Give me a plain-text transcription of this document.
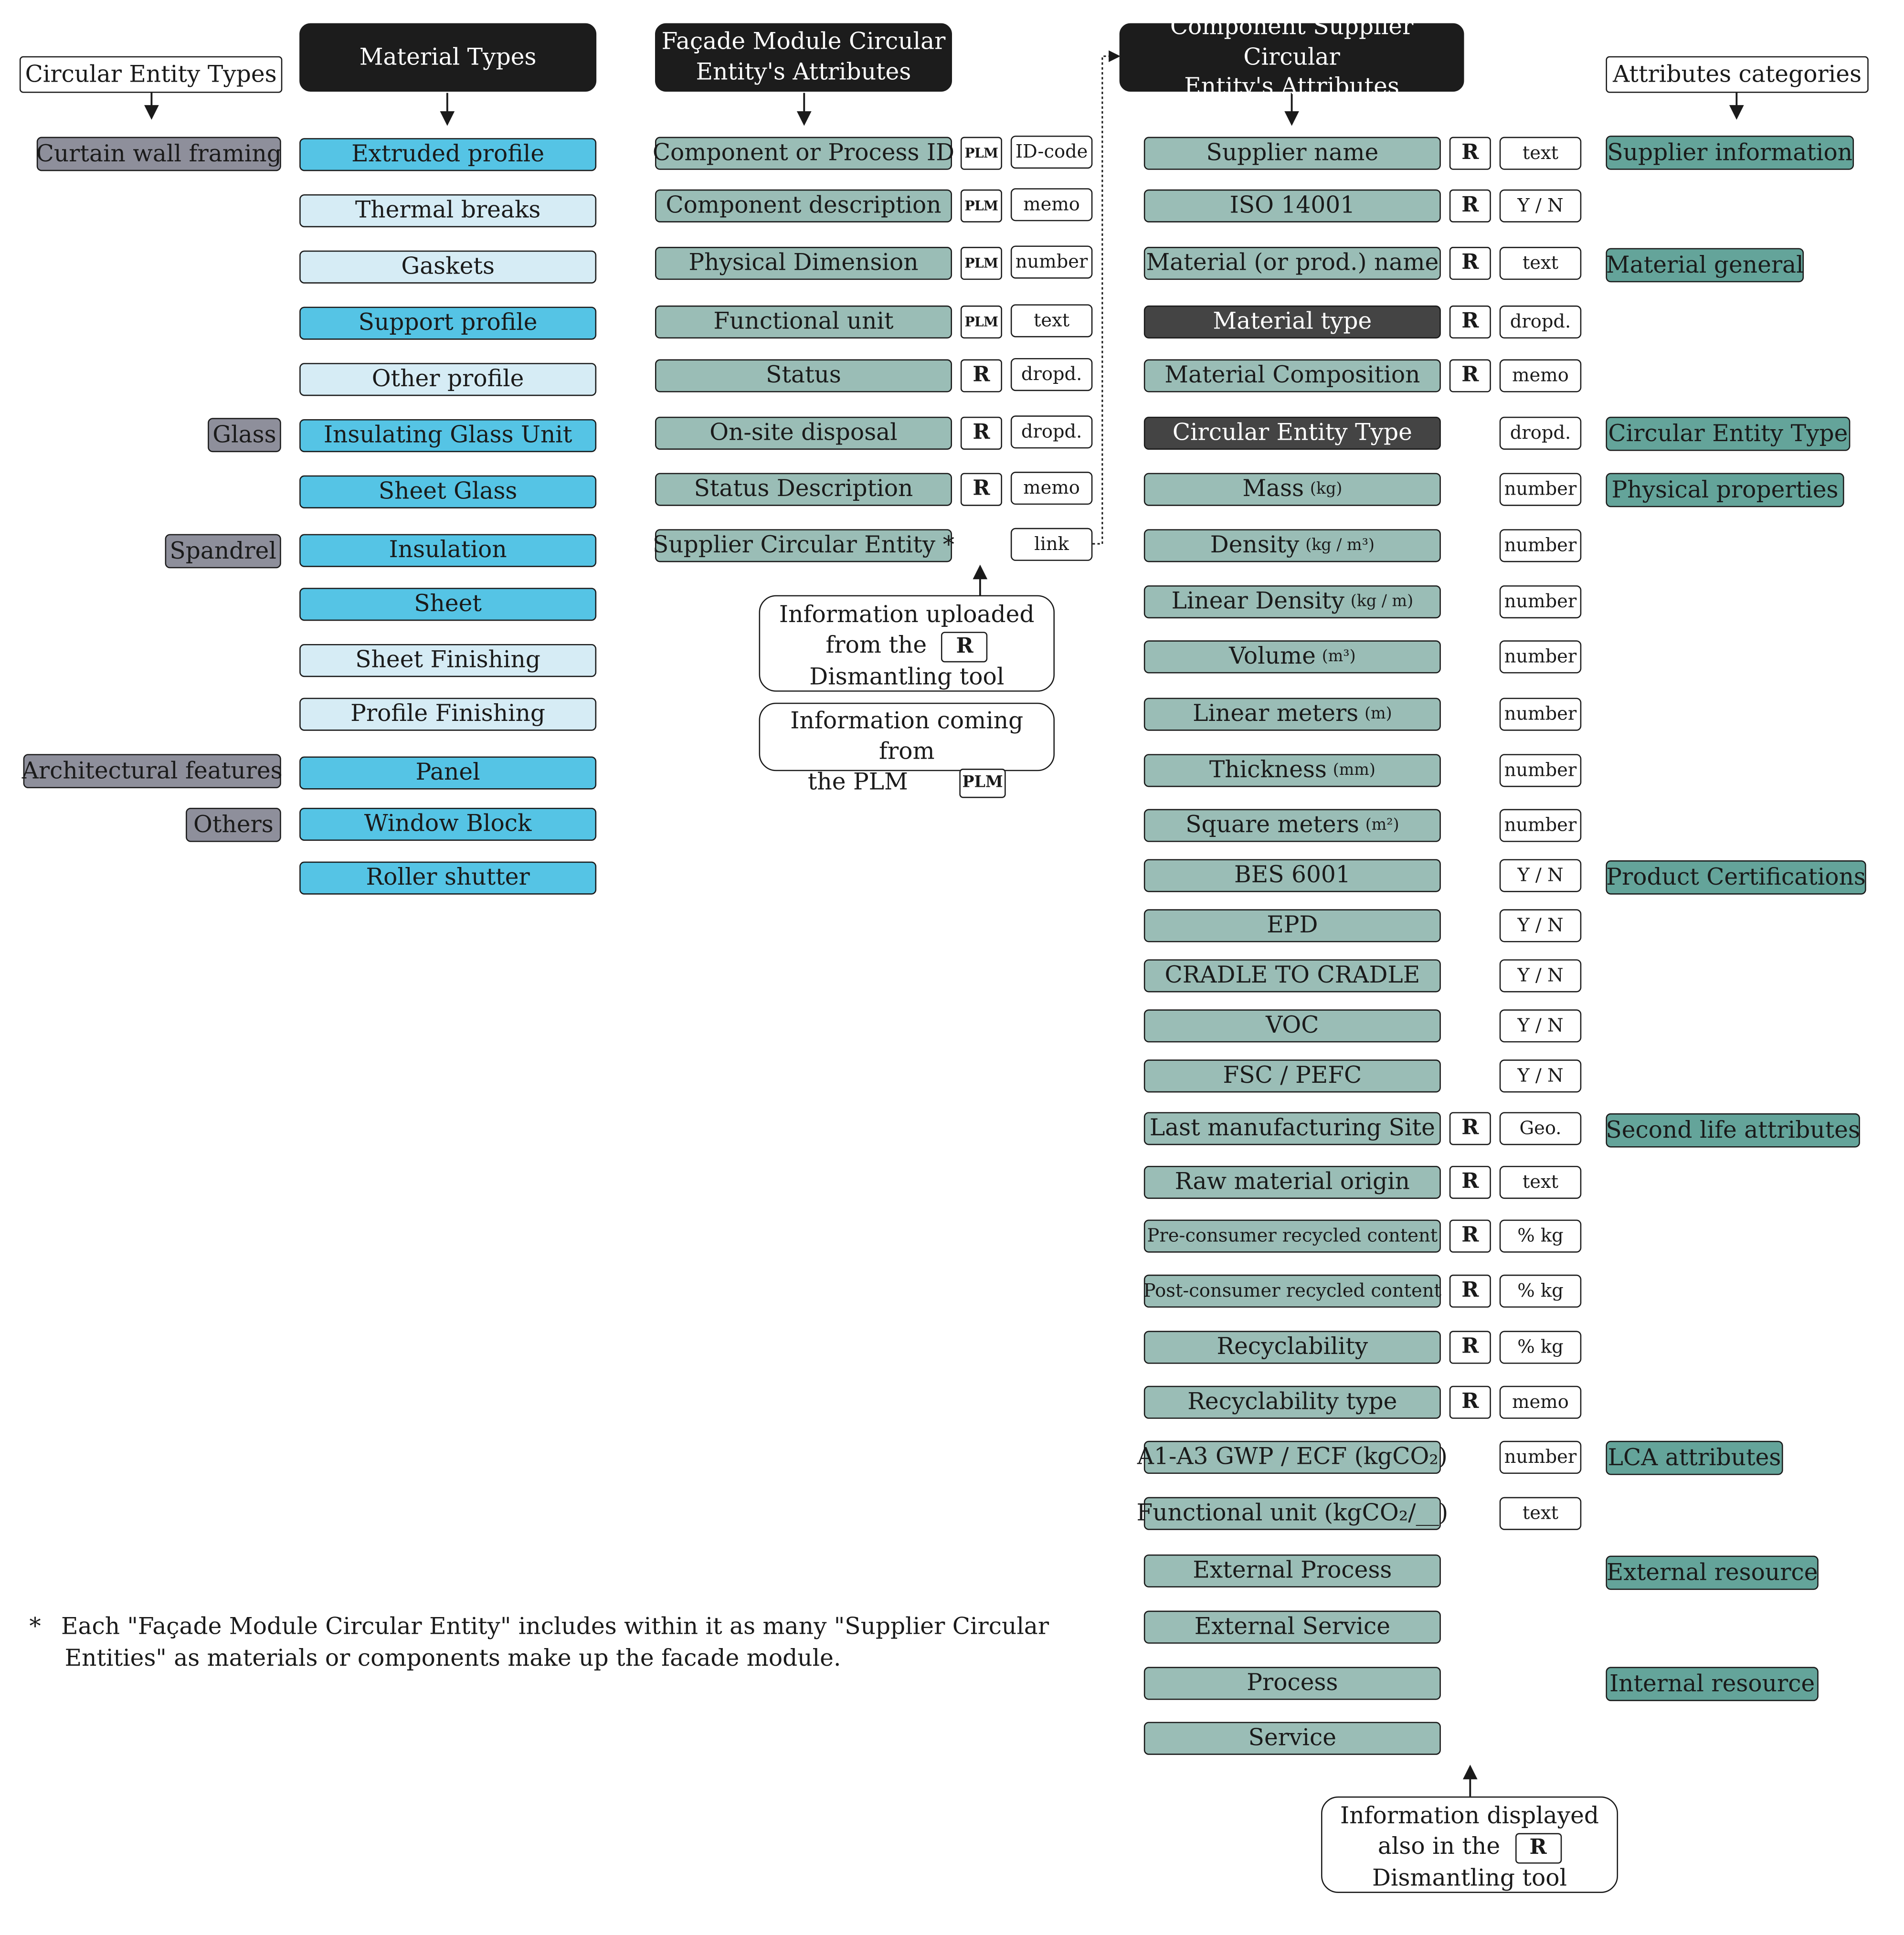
Circular Entity Types
Material Types
Façade Module Circular
Entity's Attributes
Component Supplier Circular
Entity's Attributes	Attributes categories
Curtain wall framing
Glass
Spandrel
Architectural features
Others
Extruded profile
Thermal breaks
Gaskets
Support profile
Other profile
Insulating Glass Unit
Sheet Glass
Insulation
Sheet
Sheet Finishing
Profile Finishing
Panel
Window Block
Roller shutter
Component or Process ID	PLM	ID-code
Component description	PLM	memo
Physical Dimension	PLM	number
Functional unit	PLM	text
Status	R	dropd.
On-site disposal	R	dropd.
Status Description	R	memo
Supplier Circular Entity *	link
Supplier name	R	text
ISO 14001	R	Y / N
Material (or prod.) name	R	text
Material type	R	dropd.
Material Composition	R	memo
Circular Entity Type	dropd.
Mass (kg)	number
Density (kg / m³)	number
Linear Density (kg / m)	number
Volume (m³)	number
Linear meters (m)	number
Thickness (mm)	number
Square meters (m²)	number
BES 6001	Y / N
EPD	Y / N
CRADLE TO CRADLE	Y / N
VOC	Y / N
FSC / PEFC	Y / N
Last manufacturing Site	R	Geo.
Raw material origin	R	text
Pre-consumer recycled content	R	% kg
Post-consumer recycled content	R	% kg
Recyclability	R	% kg
Recyclability type	R	memo
A1-A3 GWP / ECF (kgCO₂)	number
Functional unit (kgCO₂/__)	text
External Process
External Service
Process
Service
Supplier information
Material general
Circular Entity Type
Physical properties
Product Certifications
Second life attributes
LCA attributes
External resource
Internal resource
Information uploaded
from the	R
Dismantling tool
Information coming from
the PLM	PLM
Information displayed
also in the	R
Dismantling tool
* Each "Façade Module Circular Entity" includes within it as many "Supplier Circular
Entities" as materials or components make up the facade module.
